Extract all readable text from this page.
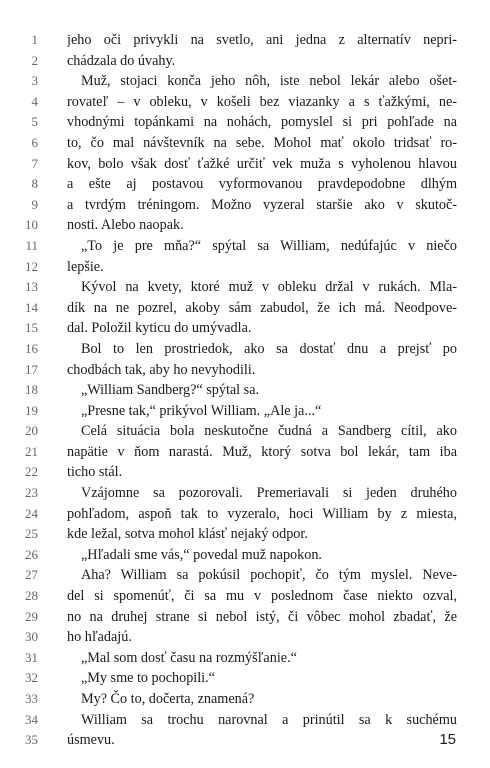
1 jeho oči privykli na svetlo, ani jedna z alternatív nepri-
2 chádzala do úvahy.
3	Muž, stojaci konča jeho nôh, iste nebol lekár alebo ošet-
4 rovateľ – v obleku, v košeli bez viazanky a s ťažkými, ne-
5 vhodnými topánkami na nohách, pomyslel si pri pohľade na
6 to, čo mal návštevník na sebe. Mohol mať okolo tridsať ro-
7 kov, bolo však dosť ťažké určiť vek muža s vyholenou hlavou
8 a ešte aj postavou vyformovanou pravdepodobne dlhým
9 a tvrdým tréningom. Možno vyzeral staršie ako v skutoč-
10 nosti. Alebo naopak.
11	„To je pre mňa?“ spýtal sa William, nedúfajúc v niečo
12 lepšie.
13	Kývol na kvety, ktoré muž v obleku držal v rukách. Mla-
14 dík na ne pozrel, akoby sám zabudol, že ich má. Neodpove-
15 dal. Položil kyticu do umývadla.
16	Bol to len prostriedok, ako sa dostať dnu a prejsť po
17 chodbách tak, aby ho nevyhodili.
18	„William Sandberg?“ spýtal sa.
19	„Presne tak,“ prikývol William. „Ale ja...“
20	Celá situácia bola neskutočne čudná a Sandberg cítil, ako
21 napätie v ňom narastá. Muž, ktorý sotva bol lekár, tam iba
22 ticho stál.
23	Vzájomne sa pozorovali. Premeriavali si jeden druhého
24 pohľadom, aspoň tak to vyzeralo, hoci William by z miesta,
25 kde ležal, sotva mohol klásť nejaký odpor.
26	„Hľadali sme vás,“ povedal muž napokon.
27	Aha? William sa pokúsil pochopiť, čo tým myslel. Neve-
28 del si spomenúť, či sa mu v poslednom čase niekto ozval,
29 no na druhej strane si nebol istý, či vôbec mohol zbadať, že
30 ho hľadajú.
31	„Mal som dosť času na rozmýšľanie.“
32	„My sme to pochopili.“
33	My? Čo to, dočerta, znamená?
34	William sa trochu narovnal a prinútil sa k suchému
35 úsmevu.	15
